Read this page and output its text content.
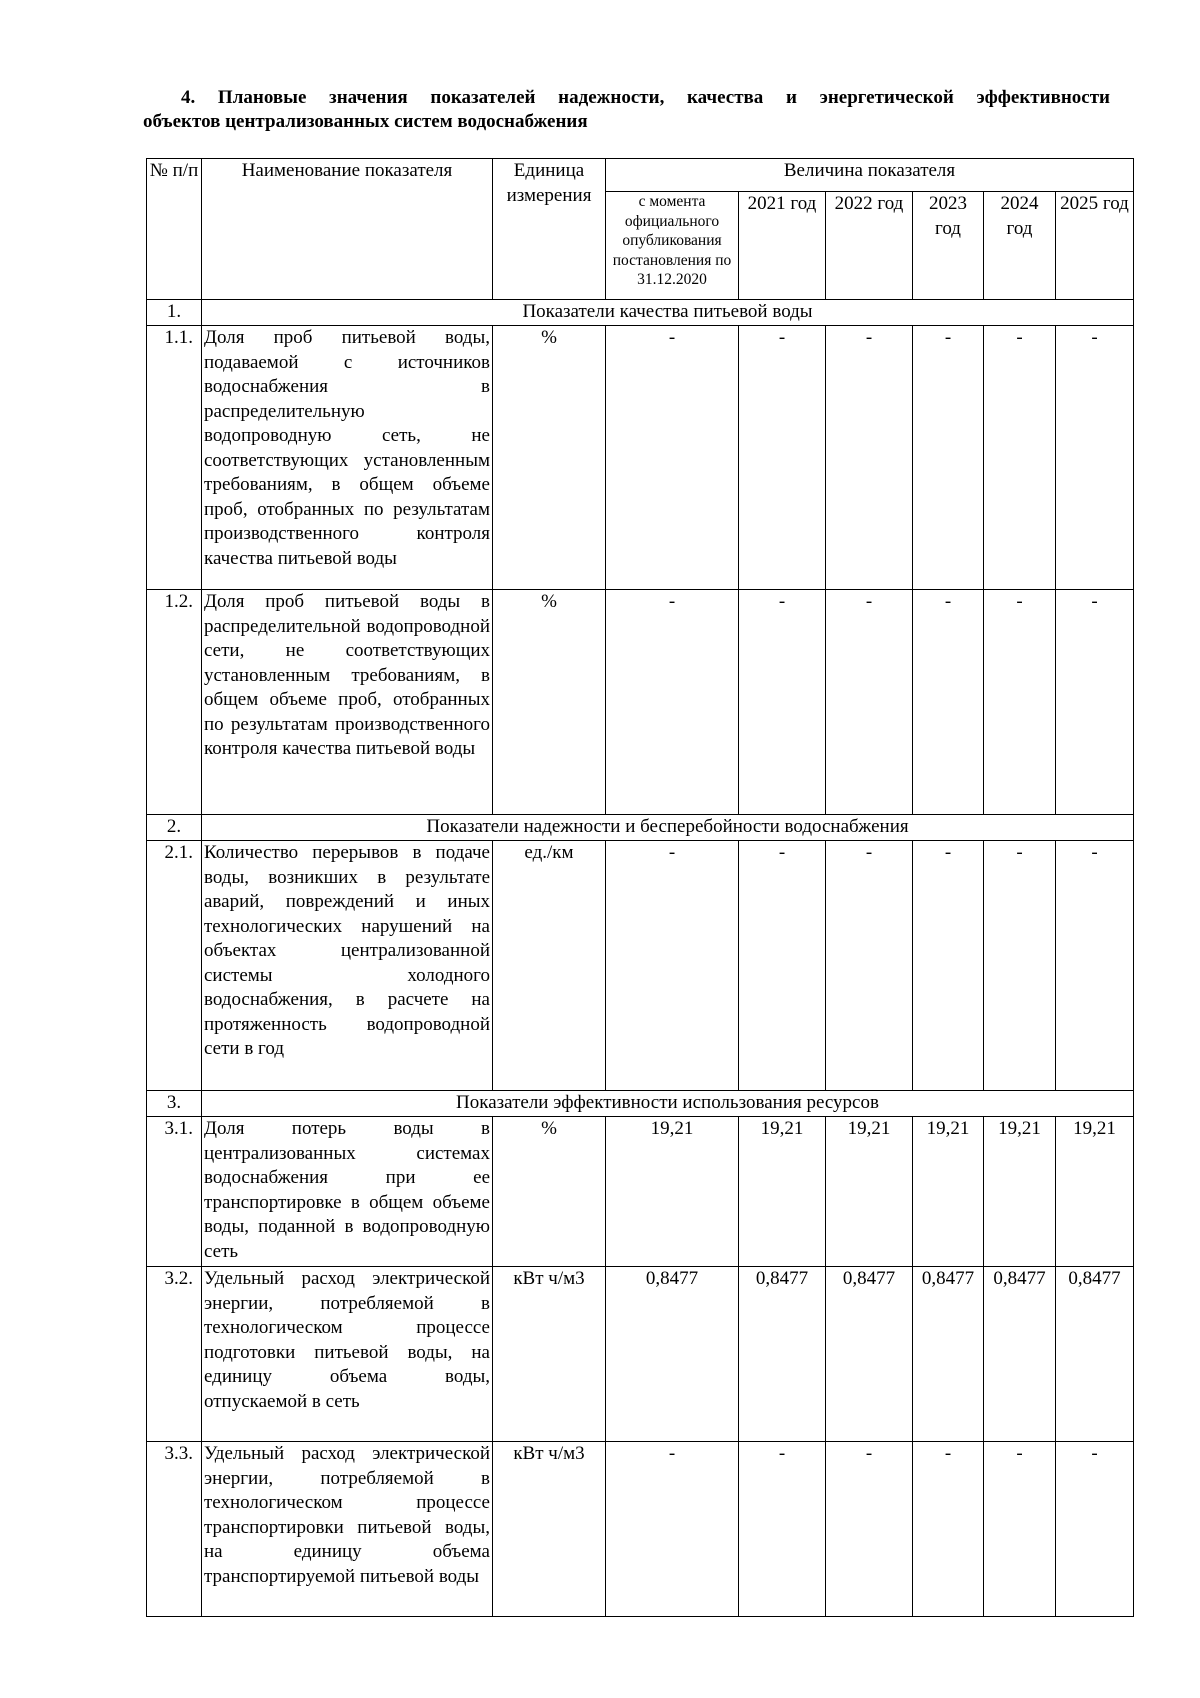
4. Плановые значения показателей надежности, качества и энергетической эффективности
объектов централизованных систем водоснабжения
№ п/п	Наименование показателя	Единица измерения	Величина показателя					
			с момента официального опубликования постановления по 31.12.2020	2021 год	2022 год	2023 год	2024 год	2025 год
1.	Показатели качества питьевой воды							
1.1.	Доля проб питьевой воды, подаваемой с источников водоснабжения в распределительную водопроводную сеть, не соответствующих установленным требованиям, в общем объеме проб, отобранных по результатам производственного контроля качества питьевой воды	%	-	-	-	-	-	-
1.2.	Доля проб питьевой воды в распределительной водопроводной сети, не соответствующих установленным требованиям, в общем объеме проб, отобранных по результатам производственного контроля качества питьевой воды	%	-	-	-	-	-	-
2.	Показатели надежности и бесперебойности водоснабжения							
2.1.	Количество перерывов в подаче воды, возникших в результате аварий, повреждений и иных технологических нарушений на объектах централизованной системы холодного водоснабжения, в расчете на протяженность водопроводной сети в год	ед./км	-	-	-	-	-	-
3.	Показатели эффективности использования ресурсов							
3.1.	Доля потерь воды в централизованных системах водоснабжения при ее транспортировке в общем объеме воды, поданной в водопроводную сеть	%	19,21	19,21	19,21	19,21	19,21	19,21
3.2.	Удельный расход электрической энергии, потребляемой в технологическом процессе подготовки питьевой воды, на единицу объема воды, отпускаемой в сеть	кВт ч/м3	0,8477	0,8477	0,8477	0,8477	0,8477	0,8477
3.3.	Удельный расход электрической энергии, потребляемой в технологическом процессе транспортировки питьевой воды, на единицу объема транспортируемой питьевой воды	кВт ч/м3	-	-	-	-	-	-
